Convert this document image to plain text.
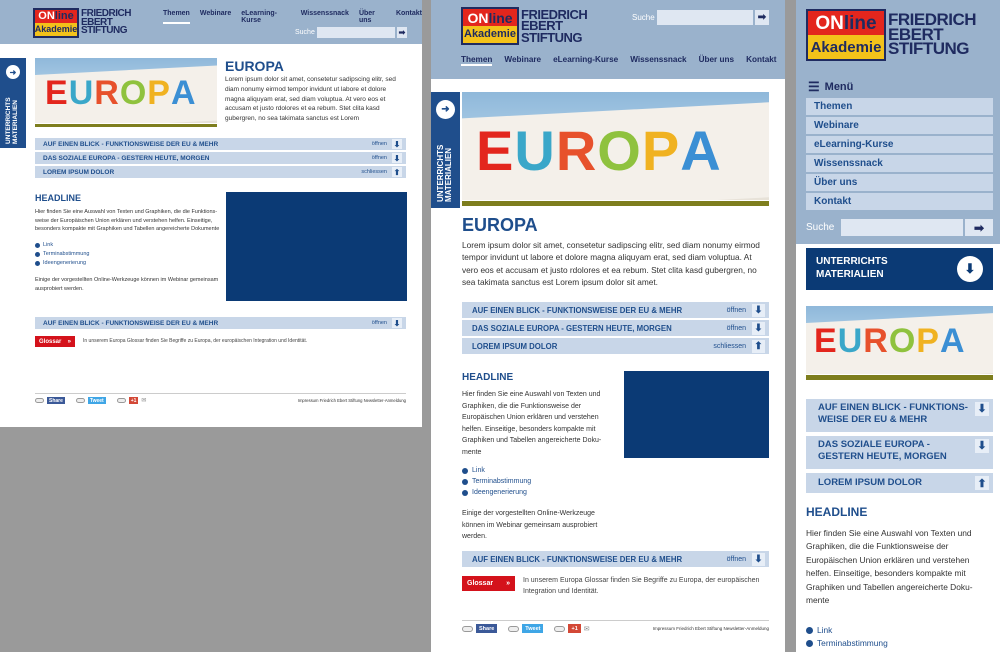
ON line
Akademie
FRIEDRICH
EBERT
STIFTUNG
Themen Webinare eLearning-Kurse
Wissenssnack Über uns
Kontakt
Suche	➡
➜
UNTERRICHTS MATERIALIEN
E U R O P A
EUROPA
Lorem ipsum dolor sit amet, consetetur sadipscing elitr, sed diam nonumy eirmod tempor invidunt ut labore et dolore magna aliquyam erat, sed diam voluptua. At vero eos et accusam et justo rdolores et ea rebum. Stet clita kasd gubergren, no sea takimata sanctus est Lorem
AUF EINEN BLICK - FUNKTIONSWEISE DER EU & MEHR	öffnen ⬇
DAS SOZIALE EUROPA - GESTERN HEUTE, MORGEN	öffnen ⬇
LOREM IPSUM DOLOR	schliessen ⬆
HEADLINE
Hier finden Sie eine Auswahl von Texten und Graphiken, die die Funktions-
weise der Europäischen Union erklären und verstehen helfen. Einseitige,
besonders kompakte mit Graphiken und Tabellen angereicherte Dokumente
Link
Terminabstimmung
Ideengenerierung
Einige der vorgestellten Online-Werkzeuge können im Webinar gemeinsam ausprobiert werden.
AUF EINEN BLICK - FUNKTIONSWEISE DER EU & MEHR	öffnen ⬇
Glossar » In unserem Europa Glossar finden Sie Begriffe zu Europa, der europäischen Integration und Identität.
Share	Tweet	+1 ✉	Impressum Friedrich Ebert Stiftung Newsletter-Anmeldung
ON line
Akademie
FRIEDRICH
EBERT
STIFTUNG
Suche	➡
Themen Webinare eLearning-Kurse Wissenssnack Über uns Kontakt
➜
UNTERRICHTS MATERIALIEN E U R O P A
EUROPA
Lorem ipsum dolor sit amet, consetetur sadipscing elitr, sed diam nonumy eirmod tempor invidunt ut labore et dolore magna aliquyam erat, sed diam voluptua. At vero eos et accusam et justo rdolores et ea rebum. Stet clita kasd gubergren, no sea takimata sanctus est Lorem ipsum dolor sit amet.
AUF EINEN BLICK - FUNKTIONSWEISE DER EU & MEHR	öffnen ⬇
DAS SOZIALE EUROPA - GESTERN HEUTE, MORGEN	öffnen ⬇
LOREM IPSUM DOLOR	schliessen ⬆
HEADLINE
Hier finden Sie eine Auswahl von Texten und Graphiken, die die Funktionsweise der Europäischen Union erklären und verstehen helfen. Einseitige, besonders kompakte mit Graphiken und Tabellen angereicherte Doku-mente
Link
Terminabstimmung
Ideengenerierung
Einige der vorgestellten Online-Werkzeuge können im Webinar gemeinsam ausprobiert werden.
AUF EINEN BLICK - FUNKTIONSWEISE DER EU & MEHR	öffnen ⬇
Glossar » In unserem Europa Glossar finden Sie Begriffe zu Europa, der europäischen Integration und Identität.
Share	Tweet	+1 ✉	Impressum Friedrich Ebert Stiftung Newsletter-Anmeldung
ON line
Akademie
FRIEDRICH
EBERT
STIFTUNG
☰ Menü
Themen
Webinare
eLearning-Kurse
Wissenssnack
Über uns
Kontakt
Suche	➡
UNTERRICHTS
MATERIALIEN	⬇
E U R O P A
AUF EINEN BLICK - FUNKTIONS-
WEISE DER EU & MEHR
⬇
DAS SOZIALE EUROPA -
GESTERN HEUTE, MORGEN
⬇
LOREM IPSUM DOLOR	⬆
HEADLINE
Hier finden Sie eine Auswahl von Texten und Graphiken, die die Funktionsweise der Europäischen Union erklären und verstehen helfen. Einseitige, besonders kompakte mit Graphiken und Tabellen angereicherte Doku-mente
Link
Terminabstimmung
